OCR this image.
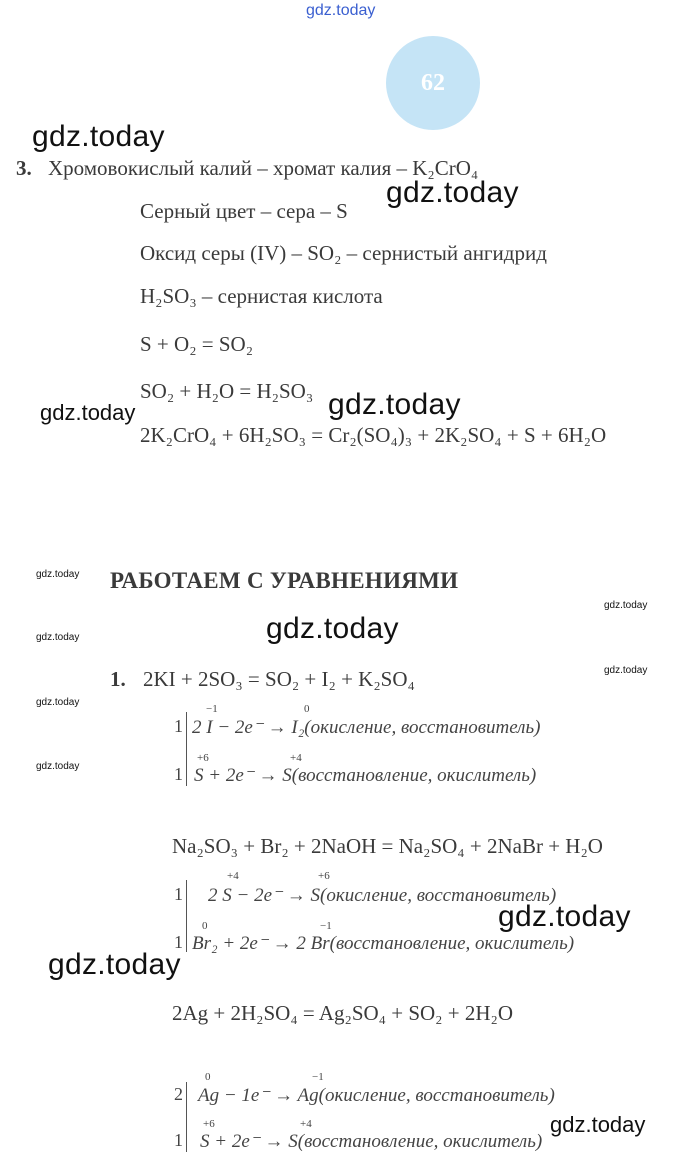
gdz.today
gdz.today
gdz.today
gdz.today	gdz.today
gdz.today
gdz.today
gdz.today
gdz.today
gdz.today
gdz.today
gdz.today
gdz.today
gdz.today
gdz.today
62
3. Хромовокислый калий – хромат калия – K₂CrO₄
Серный цвет – сера – S
Оксид серы (IV) – SO₂ – сернистый ангидрид
H₂SO₃ – сернистая кислота
S + O₂ = SO₂
SO₂ + H₂O = H₂SO₃
2K₂CrO₄ + 6H₂SO₃ = Cr₂(SO₄)₃ + 2K₂SO₄ + S + 6H₂O
РАБОТАЕМ С УРАВНЕНИЯМИ
1. 2KI + 2SO₃ = SO₂ + I₂ + K₂SO₄
1
−1	0
2 I − 2e⁻ → I₂(окисление, восстановитель)
1
+6	+4
S + 2e⁻ → S(восстановление, окислитель)
Na₂SO₃ + Br₂ + 2NaOH = Na₂SO₄ + 2NaBr + H₂O
1
+4	+6
2 S − 2e⁻ → S(окисление, восстановитель)
1
0	−1
Br₂ + 2e⁻ → 2 Br(восстановление, окислитель)
2Ag + 2H₂SO₄ = Ag₂SO₄ + SO₂ + 2H₂O
2
0	−1
Ag − 1e⁻ → Ag(окисление, восстановитель)
1
+6	+4
S + 2e⁻ → S(восстановление, окислитель)
